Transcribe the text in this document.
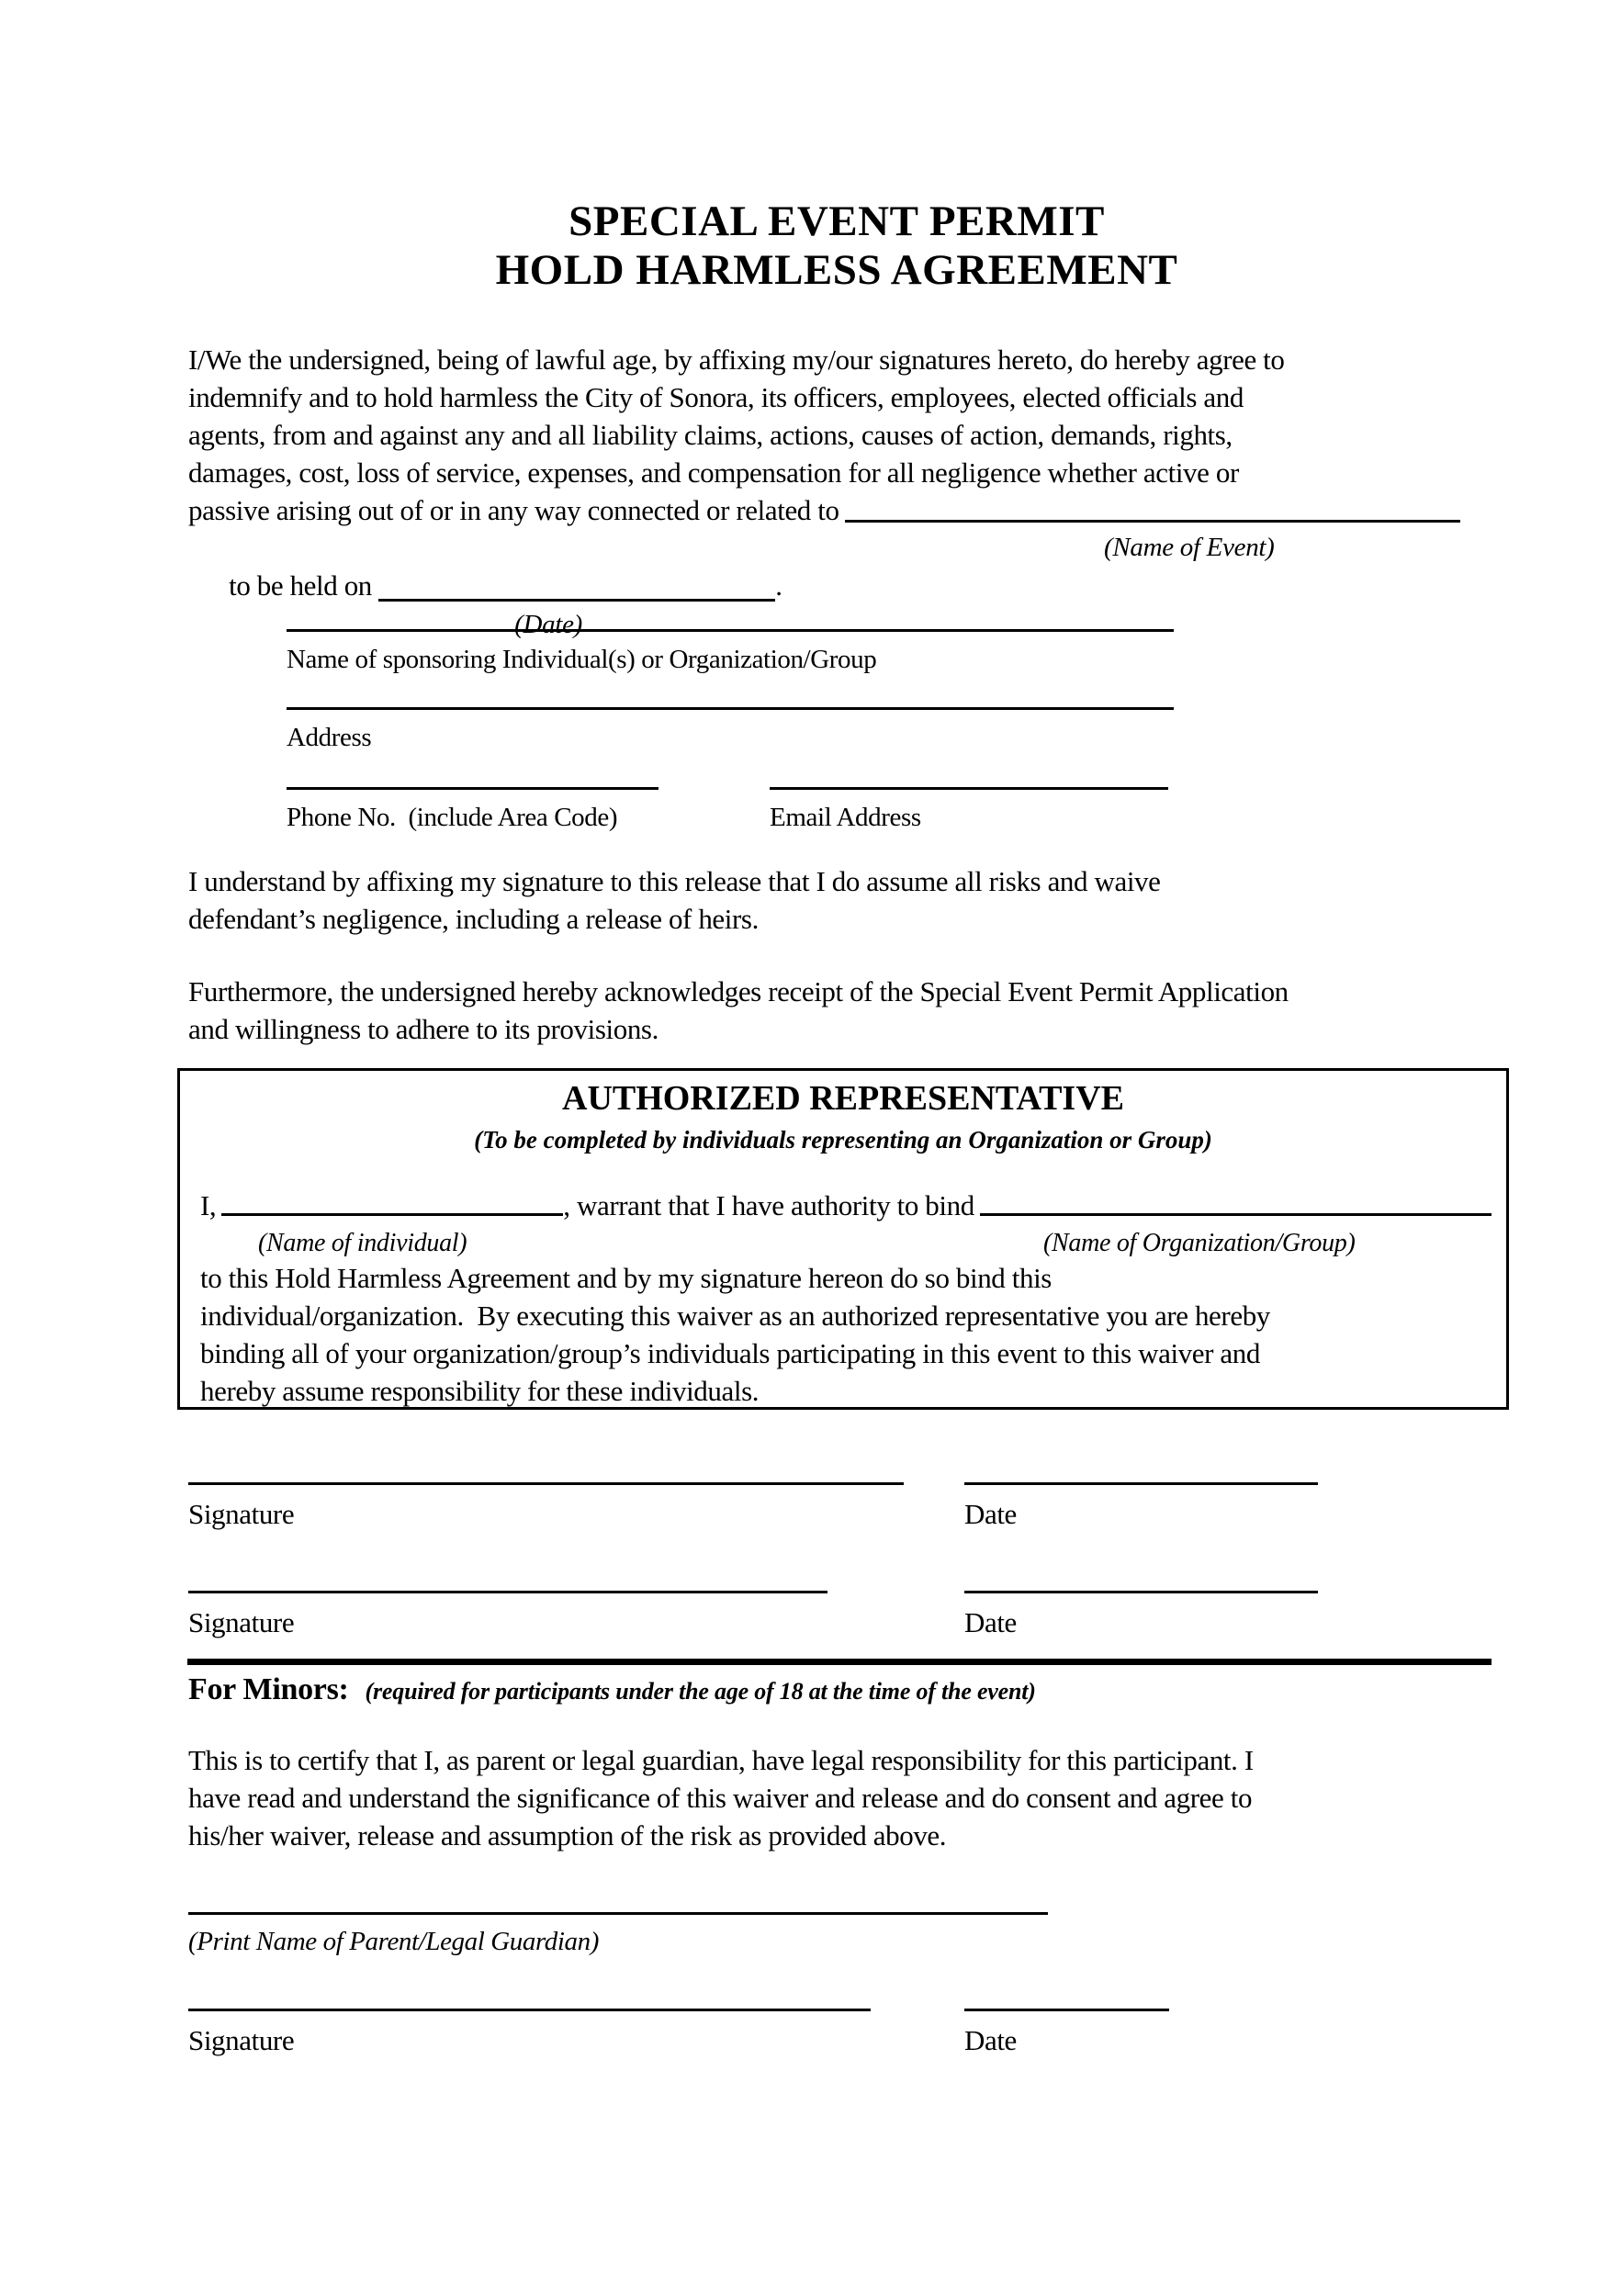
SPECIAL EVENT PERMIT
HOLD HARMLESS AGREEMENT
I/We the undersigned, being of lawful age, by affixing my/our signatures hereto, do hereby agree to
indemnify and to hold harmless the City of Sonora, its officers, employees, elected officials and
agents, from and against any and all liability claims, actions, causes of action, demands, rights,
damages, cost, loss of service, expenses, and compensation for all negligence whether active or
passive arising out of or in any way connected or related to

to be held on	.

(Name of Event)

(Date)

Name of sponsoring Individual(s) or Organization/Group
Address
Phone No.  (include Area Code)	Email Address
I understand by affixing my signature to this release that I do assume all risks and waive
defendant’s negligence, including a release of heirs.
Furthermore, the undersigned hereby acknowledges receipt of the Special Event Permit Application
and willingness to adhere to its provisions.
AUTHORIZED REPRESENTATIVE
(To be completed by individuals representing an Organization or Group)
I,	, warrant that I have authority to bind
(Name of individual)	(Name of Organization/Group)
to this Hold Harmless Agreement and by my signature hereon do so bind this
individual/organization.  By executing this waiver as an authorized representative you are hereby
binding all of your organization/group’s individuals participating in this event to this waiver and
hereby assume responsibility for these individuals.
Signature	Date
Signature	Date
For Minors: (required for participants under the age of 18 at the time of the event)
This is to certify that I, as parent or legal guardian, have legal responsibility for this participant. I
have read and understand the significance of this waiver and release and do consent and agree to
his/her waiver, release and assumption of the risk as provided above.
(Print Name of Parent/Legal Guardian)
Signature	Date
